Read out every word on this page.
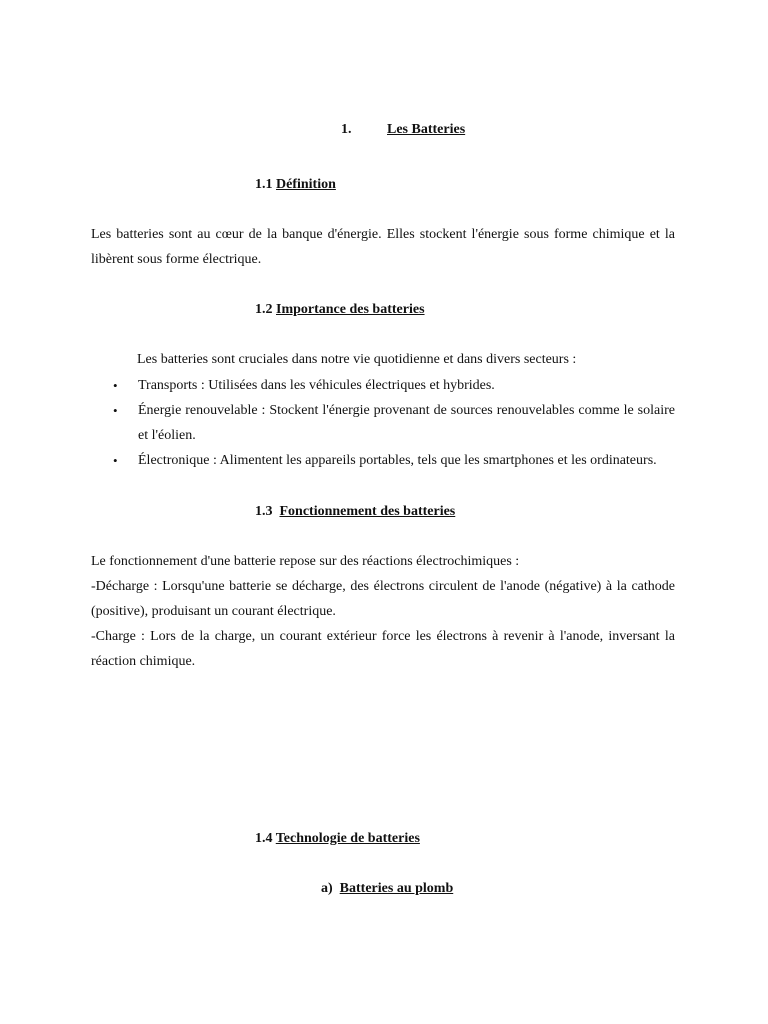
1.	Les Batteries
1.1 Définition
Les batteries sont au cœur de la banque d'énergie. Elles stockent l'énergie sous forme chimique et la libèrent sous forme électrique.
1.2 Importance des batteries
Les batteries sont cruciales dans notre vie quotidienne et dans divers secteurs :
• Transports : Utilisées dans les véhicules électriques et hybrides.
• Énergie renouvelable : Stockent l'énergie provenant de sources renouvelables comme le solaire et l'éolien.
• Électronique : Alimentent les appareils portables, tels que les smartphones et les ordinateurs.
1.3 Fonctionnement des batteries

Le fonctionnement d'une batterie repose sur des réactions électrochimiques :

-Décharge : Lorsqu'une batterie se décharge, des électrons circulent de l'anode (négative) à la cathode (positive), produisant un courant électrique.

-Charge : Lors de la charge, un courant extérieur force les électrons à revenir à l'anode, inversant la réaction chimique.

1.4 Technologie de batteries
a) Batteries au plomb
